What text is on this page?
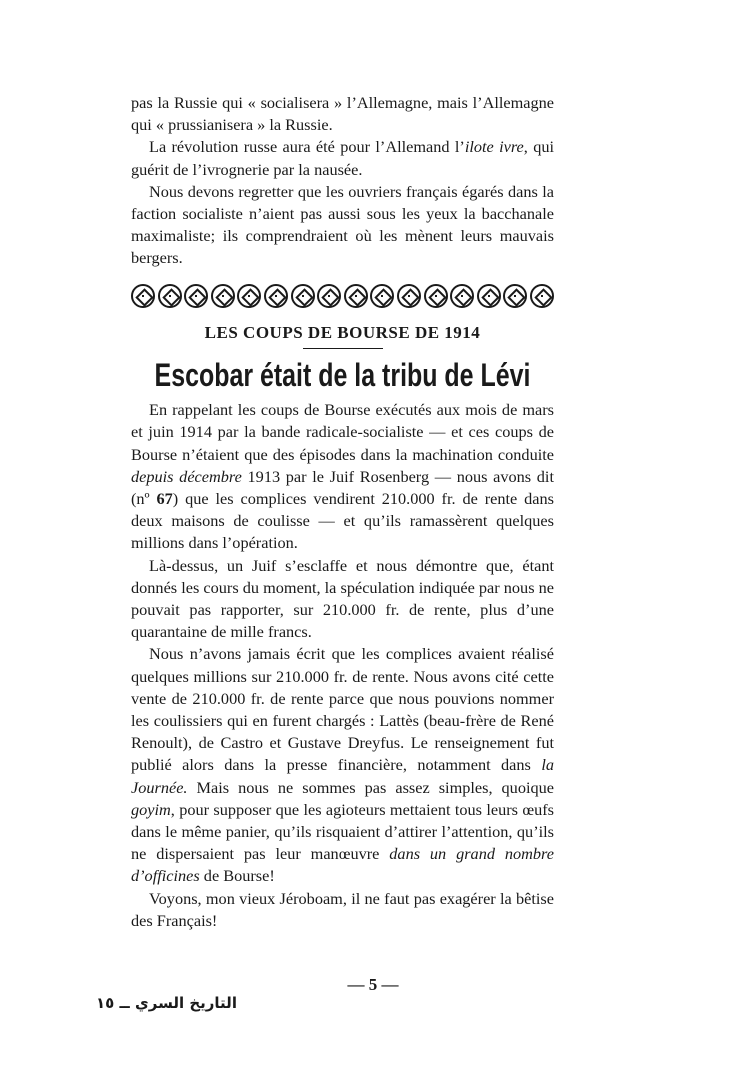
pas la Russie qui « socialisera » l’Allemagne, mais l’Allemagne qui « prussianisera » la Russie.

La révolution russe aura été pour l’Allemand l’ilote ivre, qui guérit de l’ivrognerie par la nausée.

Nous devons regretter que les ouvriers français égarés dans la faction socialiste n’aient pas aussi sous les yeux la bacchanale maximaliste; ils comprendraient où les mènent leurs mauvais bergers.

LES COUPS DE BOURSE DE 1914
Escobar était de la tribu de Lévi

En rappelant les coups de Bourse exécutés aux mois de mars et juin 1914 par la bande radicale-socialiste — et ces coups de Bourse n’étaient que des épisodes dans la machination conduite depuis décembre 1913 par le Juif Rosenberg — nous avons dit (nº 67) que les complices vendirent 210.000 fr. de rente dans deux maisons de coulisse — et qu’ils ramassèrent quelques millions dans l’opération.

Là-dessus, un Juif s’esclaffe et nous démontre que, étant donnés les cours du moment, la spéculation indiquée par nous ne pouvait pas rapporter, sur 210.000 fr. de rente, plus d’une quarantaine de mille francs.

Nous n’avons jamais écrit que les complices avaient réalisé quelques millions sur 210.000 fr. de rente. Nous avons cité cette vente de 210.000 fr. de rente parce que nous pouvions nommer les coulissiers qui en furent chargés : Lattès (beau-frère de René Renoult), de Castro et Gustave Dreyfus. Le renseignement fut publié alors dans la presse financière, notamment dans la Journée. Mais nous ne sommes pas assez simples, quoique goyim, pour supposer que les agioteurs mettaient tous leurs œufs dans le même panier, qu’ils risquaient d’attirer l’attention, qu’ils ne dispersaient pas leur manœuvre dans un grand nombre d’officines de Bourse!

Voyons, mon vieux Jéroboam, il ne faut pas exagérer la bêtise des Français!

— 5 —
التاريخ السري ــ ١٥
